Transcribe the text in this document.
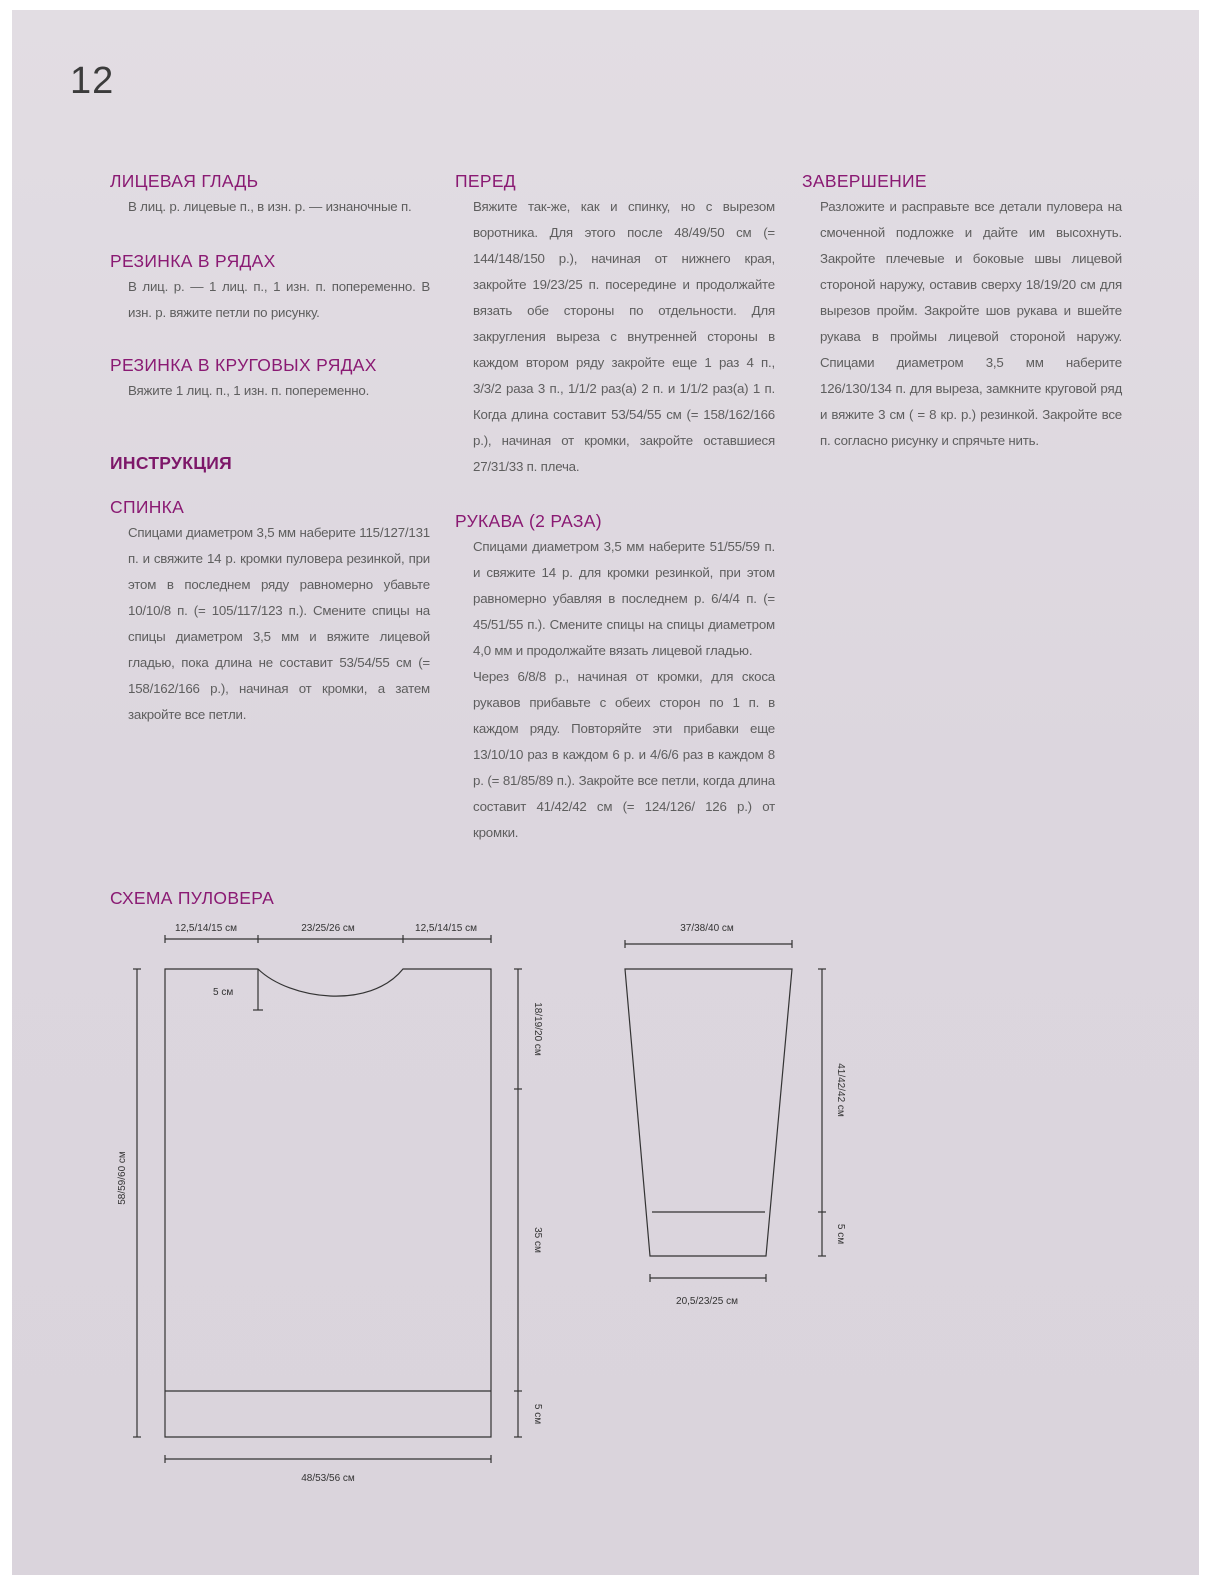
12
ЛИЦЕВАЯ ГЛАДЬ

В лиц. р. лицевые п., в изн. р. — изнаночные п.

РЕЗИНКА В РЯДАХ

В лиц. р. — 1 лиц. п., 1 изн. п. попеременно. В изн. р. вяжите петли по рисунку.

РЕЗИНКА В КРУГОВЫХ РЯДАХ

Вяжите 1 лиц. п., 1 изн. п. попеременно.

ИНСТРУКЦИЯ
СПИНКА

Спицами диаметром 3,5 мм наберите 115/127/131 п. и свяжите 14 р. кромки пуловера резинкой, при этом в последнем ряду равномерно убавьте 10/10/8 п. (= 105/117/123 п.). Смените спицы на спицы диаметром 3,5 мм и вяжите лицевой гладью, пока длина не составит 53/54/55 см (= 158/162/166 р.), начиная от кромки, а затем закройте все петли.

ПЕРЕД

Вяжите так-же, как и спинку, но с вырезом воротника. Для этого после 48/49/50 см (= 144/148/150 р.), начиная от нижнего края, закройте 19/23/25 п. посередине и продолжайте вязать обе стороны по отдельности. Для закругления выреза с внутренней стороны в каждом втором ряду закройте еще 1 раз 4 п., 3/3/2 раза 3 п., 1/1/2 раз(а) 2 п. и 1/1/2 раз(а) 1 п. Когда длина составит 53/54/55 см (= 158/162/166 р.), начиная от кромки, закройте оставшиеся 27/31/33 п. плеча.

РУКАВА (2 РАЗА)

Спицами диаметром 3,5 мм наберите 51/55/59 п. и свяжите 14 р. для кромки резинкой, при этом равномерно убавляя в последнем р. 6/4/4 п. (= 45/51/55 п.). Смените спицы на спицы диаметром 4,0 мм и продолжайте вязать лицевой гладью.

Через 6/8/8 р., начиная от кромки, для скоса рукавов прибавьте с обеих сторон по 1 п. в каждом ряду. Повторяйте эти прибавки еще 13/10/10 раз в каждом 6 р. и 4/6/6 раз в каждом 8 р. (= 81/85/89 п.). Закройте все петли, когда длина составит 41/42/42 см (= 124/126/ 126 р.) от кромки.

ЗАВЕРШЕНИЕ

Разложите и расправьте все детали пуловера на смоченной подложке и дайте им высохнуть. Закройте плечевые и боковые швы лицевой стороной наружу, оставив сверху 18/19/20 см для вырезов пройм. Закройте шов рукава и вшейте рукава в проймы лицевой стороной наружу. Спицами диаметром 3,5 мм наберите 126/130/134 п. для выреза, замкните круговой ряд и вяжите 3 см ( = 8 кр. р.) резинкой. Закройте все п. согласно рисунку и спрячьте нить.

СХЕМА ПУЛОВЕРА
12,5/14/15 см	23/25/26 см	12,5/14/15 см
5 см
18/19/20 см
35 см
5 см
58/59/60 см
48/53/56 см
37/38/40 см
41/42/42 см
5 см
20,5/23/25 см
